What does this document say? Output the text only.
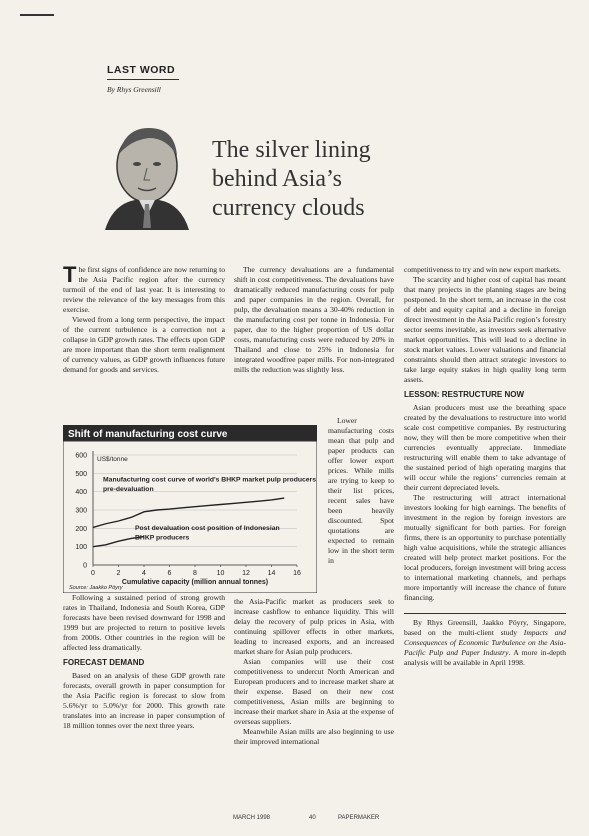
LAST WORD
By Rhys Greensill
The silver lining
behind Asia’s
currency clouds

The first signs of confidence are now returning to the Asia Pacific region after the currency turmoil of the end of last year. It is interesting to review the relevance of the key messages from this exercise.

Viewed from a long term perspective, the impact of the current turbulence is a correction not a collapse in GDP growth rates. The effects upon GDP are more important than the short term realignment of currency values, as GDP growth influences future demand for goods and services.

Shift of manufacturing cost curve
0
100
200
300
400
500
600
0	2	4	6	8	10	12	14	16
US$/tonne
Cumulative capacity (million annual tonnes)
Manufacturing cost curve of world's BHKP market pulp producers
pre-devaluation
Post devaluation cost position of Indonesian
BHKP producers
Source: Jaakko Pöyry

Following a sustained period of strong growth rates in Thailand, Indonesia and South Korea, GDP forecasts have been revised downward for 1998 and 1999 but are projected to return to positive levels from 2000s. Other countries in the region will be affected less dramatically.

FORECAST DEMAND

Based on an analysis of these GDP growth rate forecasts, overall growth in paper consumption for the Asia Pacific region is forecast to slow from 5.6%/yr to 5.0%/yr for 2000. This growth rate translates into an increase in paper consumption of 18 million tonnes over the next three years.

The currency devaluations are a fundamental shift in cost competitiveness. The devaluations have dramatically reduced manufacturing costs for pulp and paper companies in the region. Overall, for pulp, the devaluation means a 30-40% reduction in the manufacturing cost per tonne in Indonesia. For paper, due to the higher proportion of US dollar costs, manufacturing costs were reduced by 20% in Thailand and close to 25% in Indonesia for integrated woodfree paper mills. For non-integrated mills the reduction was slightly less.

Lower manufacturing costs mean that pulp and paper products can offer lower export prices. While mills are trying to keep to their list prices, recent sales have been heavily discounted. Spot quotations are expected to remain low in the short term in

the Asia-Pacific market as producers seek to increase cashflow to enhance liquidity. This will delay the recovery of pulp prices in Asia, with continuing spillover effects in other markets, leading to increased exports, and an increased market share for Asian pulp producers.

Asian companies will use their cost competitiveness to undercut North American and European producers and to increase market share at their expense. Based on their new cost competitiveness, Asian mills are beginning to increase their market share in Asia at the expense of overseas suppliers.

Meanwhile Asian mills are also beginning to use their improved international

competitiveness to try and win new export markets.

The scarcity and higher cost of capital has meant that many projects in the planning stages are being postponed. In the short term, an increase in the cost of debt and equity capital and a decline in foreign direct investment in the Asia Pacific region’s forestry sector seems inevitable, as investors seek alternative market opportunities. This will lead to a decline in stock market values. Lower valuations and financial constraints should then attract strategic investors to take large equity stakes in high quality long term assets.

LESSON: RESTRUCTURE NOW

Asian producers must use the breathing space created by the devaluations to restructure into world scale cost competitive companies. By restructuring now, they will then be more competitive when their currencies eventually appreciate. Immediate restructuring will enable them to take advantage of the sustained period of high operating margins that will occur while the regions’ currencies remain at their current depreciated levels.

The restructuring will attract international investors looking for high earnings. The benefits of investment in the region by foreign investors are mutually significant for both parties. For foreign firms, there is an opportunity to purchase potentially high value acquisitions, while the strategic alliances created will help protect market positions. For the local producers, foreign investment will bring access to international marketing channels, and perhaps more importantly will increase the chance of future financing.

By Rhys Greensill, Jaakko Pöyry, Singapore, based on the multi-client study Impacts and Consequences of Economic Turbulence on the Asia-Pacific Pulp and Paper Industry. A more in-depth analysis will be available in April 1998.

MARCH 1998	40	PAPERMAKER
